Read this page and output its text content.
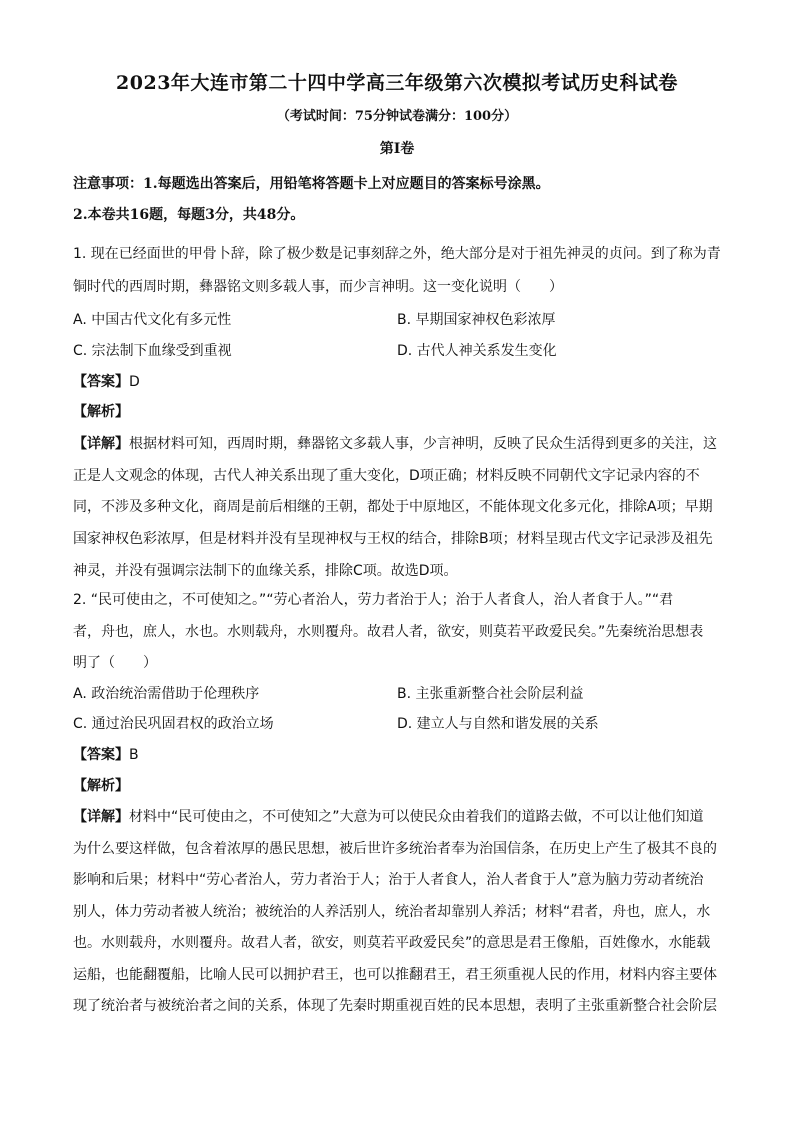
2023年大连市第二十四中学高三年级第六次模拟考试历史科试卷
（考试时间：75分钟试卷满分：100分）
第Ⅰ卷
注意事项：1.每题选出答案后，用铅笔将答题卡上对应题目的答案标号涂黑。
2.本卷共16题，每题3分，共48分。
1. 现在已经面世的甲骨卜辞，除了极少数是记事刻辞之外，绝大部分是对于祖先神灵的贞问。到了称为青
铜时代的西周时期，彝器铭文则多载人事，而少言神明。这一变化说明（　　）
A. 中国古代文化有多元性	B. 早期国家神权色彩浓厚
C. 宗法制下血缘受到重视	D. 古代人神关系发生变化
【答案】D
【解析】
【详解】根据材料可知，西周时期，彝器铭文多载人事，少言神明，反映了民众生活得到更多的关注，这
正是人文观念的体现，古代人神关系出现了重大变化，D项正确；材料反映不同朝代文字记录内容的不
同，不涉及多种文化，商周是前后相继的王朝，都处于中原地区，不能体现文化多元化，排除A项；早期
国家神权色彩浓厚，但是材料并没有呈现神权与王权的结合，排除B项；材料呈现古代文字记录涉及祖先
神灵，并没有强调宗法制下的血缘关系，排除C项。故选D项。
2. “民可使由之，不可使知之。”“劳心者治人，劳力者治于人；治于人者食人，治人者食于人。”“君
者，舟也，庶人，水也。水则载舟，水则覆舟。故君人者，欲安，则莫若平政爱民矣。”先秦统治思想表
明了（　　）
A. 政治统治需借助于伦理秩序	B. 主张重新整合社会阶层利益
C. 通过治民巩固君权的政治立场	D. 建立人与自然和谐发展的关系
【答案】B
【解析】
【详解】材料中“民可使由之，不可使知之”大意为可以使民众由着我们的道路去做，不可以让他们知道
为什么要这样做，包含着浓厚的愚民思想，被后世许多统治者奉为治国信条，在历史上产生了极其不良的
影响和后果；材料中“劳心者治人，劳力者治于人；治于人者食人，治人者食于人”意为脑力劳动者统治
别人，体力劳动者被人统治；被统治的人养活别人，统治者却靠别人养活；材料“君者，舟也，庶人，水
也。水则载舟，水则覆舟。故君人者，欲安，则莫若平政爱民矣”的意思是君王像船，百姓像水，水能载
运船，也能翻覆船，比喻人民可以拥护君王，也可以推翻君王，君王须重视人民的作用，材料内容主要体
现了统治者与被统治者之间的关系，体现了先秦时期重视百姓的民本思想，表明了主张重新整合社会阶层
